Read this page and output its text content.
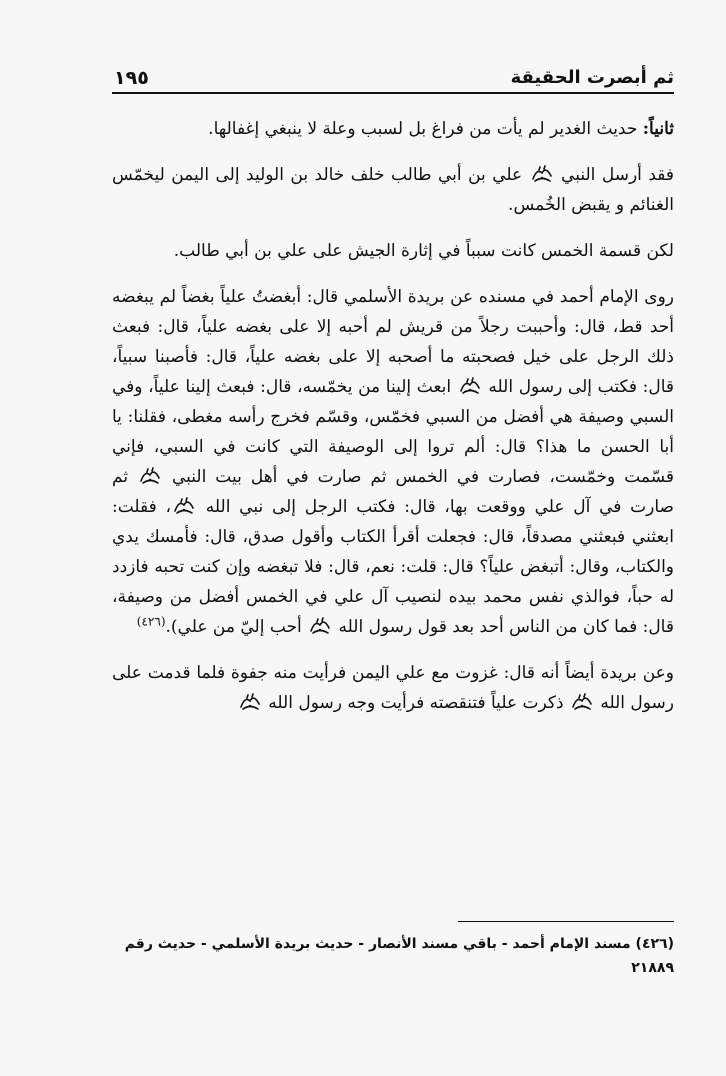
١٩٥	ثم أبصرت الحقيقة

ثانياً: حديث الغدير لم يأت من فراغ بل لسبب وعلة لا ينبغي إغفالها.

فقد أرسل النبي
علي بن أبي طالب خلف خالد بن الوليد إلى اليمن ليخمّس الغنائم و يقبض الخُمس.

لكن قسمة الخمس كانت سبباً في إثارة الجيش على علي بن أبي طالب.

روى الإمام أحمد في مسنده عن بريدة الأسلمي قال: أبغضتُ علياً بغضاً لم يبغضه أحد قط، قال: وأحببت رجلاً من قريش لم أحبه إلا على بغضه علياً، قال: فبعث ذلك الرجل على خيل فصحبته ما أصحبه إلا على بغضه علياً، قال: فأصبنا سبياً، قال: فكتب إلى رسول الله
ابعث إلينا من يخمّسه، قال: فبعث إلينا علياً، وفي السبي وصيفة هي أفضل من السبي فخمّس، وقسّم فخرج رأسه مغطى، فقلنا: يا أبا الحسن ما هذا؟ قال: ألم تروا إلى الوصيفة التي كانت في السبي، فإني قسّمت وخمّست، فصارت في الخمس ثم صارت في أهل بيت النبي
ثم صارت في آل علي ووقعت بها، قال: فكتب الرجل إلى نبي الله
، فقلت: ابعثني فبعثني مصدقاً، قال: فجعلت أقرأ الكتاب وأقول صدق، قال: فأمسك يدي والكتاب، وقال: أتبغض علياً؟ قال: قلت: نعم، قال: فلا تبغضه وإن كنت تحبه فازدد له حباً، فوالذي نفس محمد بيده لنصيب آل علي في الخمس أفضل من وصيفة، قال: فما كان من الناس أحد بعد قول رسول الله
أحب إليّ من علي).$^{(٤٢٦)}$

وعن بريدة أيضاً أنه قال: غزوت مع علي اليمن فرأيت منه جفوة فلما قدمت على رسول الله
ذكرت علياً فتنقصته فرأيت وجه رسول الله

(٤٢٦) مسند الإمام أحمد - باقي مسند الأنصار - حديث بريدة الأسلمي - حديث رقم ٢١٨٨٩
